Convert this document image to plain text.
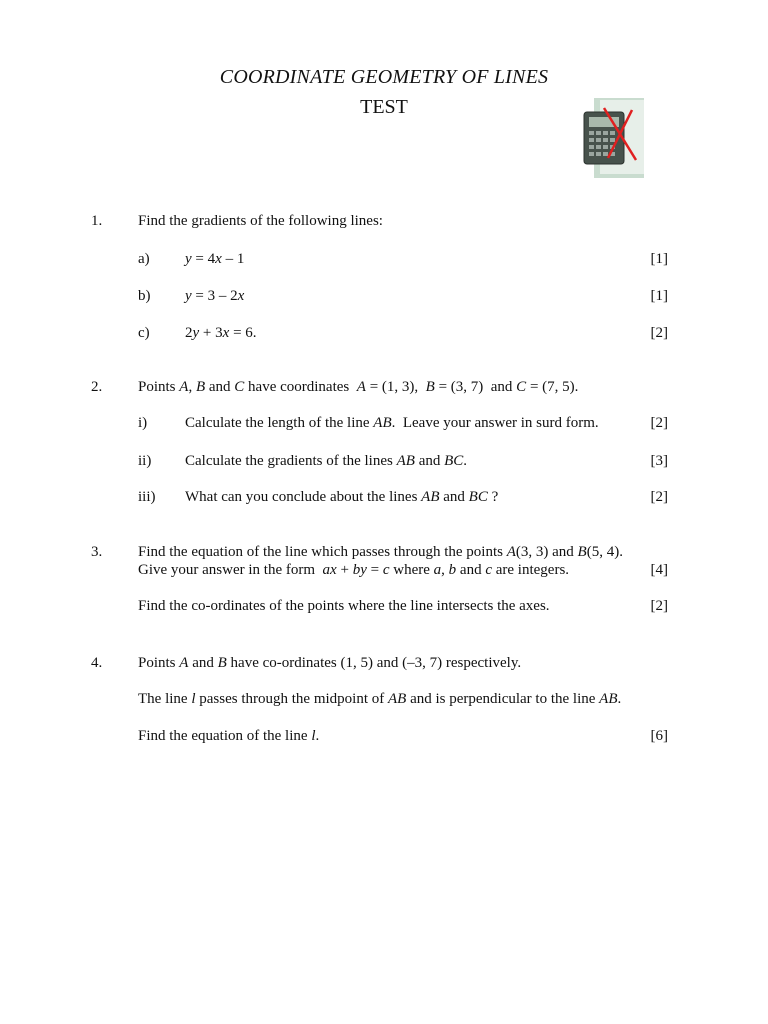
COORDINATE GEOMETRY OF LINES
TEST
1. Find the gradients of the following lines:
a) y = 4x – 1	[1]
b) y = 3 – 2x	[1]
c) 2y + 3x = 6.	[2]
2. Points A, B and C have coordinates  A = (1, 3),  B = (3, 7)  and C = (7, 5).
i)	Calculate the length of the line AB.  Leave your answer in surd form.	[2]
ii) Calculate the gradients of the lines AB and BC.	[3]
iii) What can you conclude about the lines AB and BC ?	[2]
3. Find the equation of the line which passes through the points A(3, 3) and B(5, 4).
Give your answer in the form  ax + by = c where a, b and c are integers.	[4]
Find the co-ordinates of the points where the line intersects the axes.	[2]
4. Points A and B have co-ordinates (1, 5) and (–3, 7) respectively.
The line l passes through the midpoint of AB and is perpendicular to the line AB.
Find the equation of the line l.	[6]
